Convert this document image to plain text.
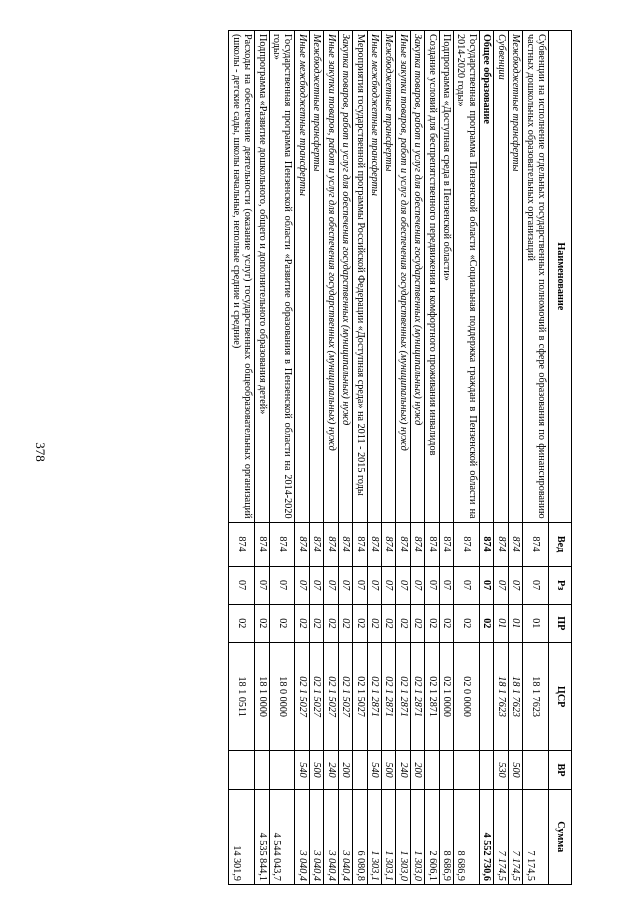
378
Наименование	Вед	Рз	ПР	ЦСР	ВР	Сумма
Субвенции на исполнение отдельных государственных полномочий в сфере образования по финансированию частных дошкольных образовательных организаций	874	07	01	18 1 7623		7 174,5
Межбюджетные трансферты	874	07	01	18 1 7623	500	7 174,5
Субвенции	874	07	01	18 1 7623	530	7 174,5
Общее образование	874	07	02			4 552 730,6
Государственная программа Пензенской области «Социальная поддержка граждан в Пензенской области на 2014-2020 годы»	874	07	02	02 0 0000		8 686,9
Подпрограмма «Доступная среда в Пензенской области»	874	07	02	02 1 0000		8 686,9
Создание условий для беспрепятственного передвижения и комфортного проживания инвалидов	874	07	02	02 1 2871		2 606,1
Закупка товаров, работ и услуг для обеспечения государственных (муниципальных) нужд	874	07	02	02 1 2871	200	1 303,0
Иные закупки товаров, работ и услуг для обеспечения государственных (муниципальных) нужд	874	07	02	02 1 2871	240	1 303,0
Межбюджетные трансферты	874	07	02	02 1 2871	500	1 303,1
Иные межбюджетные трансферты	874	07	02	02 1 2871	540	1 303,1
Мероприятия государственной программы Российской Федерации «Доступная среда» на 2011 - 2015 годы	874	07	02	02 1 5027		6 080,8
Закупка товаров, работ и услуг для обеспечения государственных (муниципальных) нужд	874	07	02	02 1 5027	200	3 040,4
Иные закупки товаров, работ и услуг для обеспечения государственных (муниципальных) нужд	874	07	02	02 1 5027	240	3 040,4
Межбюджетные трансферты	874	07	02	02 1 5027	500	3 040,4
Иные межбюджетные трансферты	874	07	02	02 1 5027	540	3 040,4
Государственная программа Пензенской области «Развитие образования в Пензенской области на 2014-2020 годы»	874	07	02	18 0 0000		4 544 043,7
Подпрограмма «Развитие дошкольного, общего и дополнительного образования детей»	874	07	02	18 1 0000		4 535 844,1
Расходы на обеспечение деятельности (оказание услуг) государственных общеобразовательных организаций (школы - детские сады, школы начальные, неполные средние и средние)	874	07	02	18 1 0511		14 301,9
